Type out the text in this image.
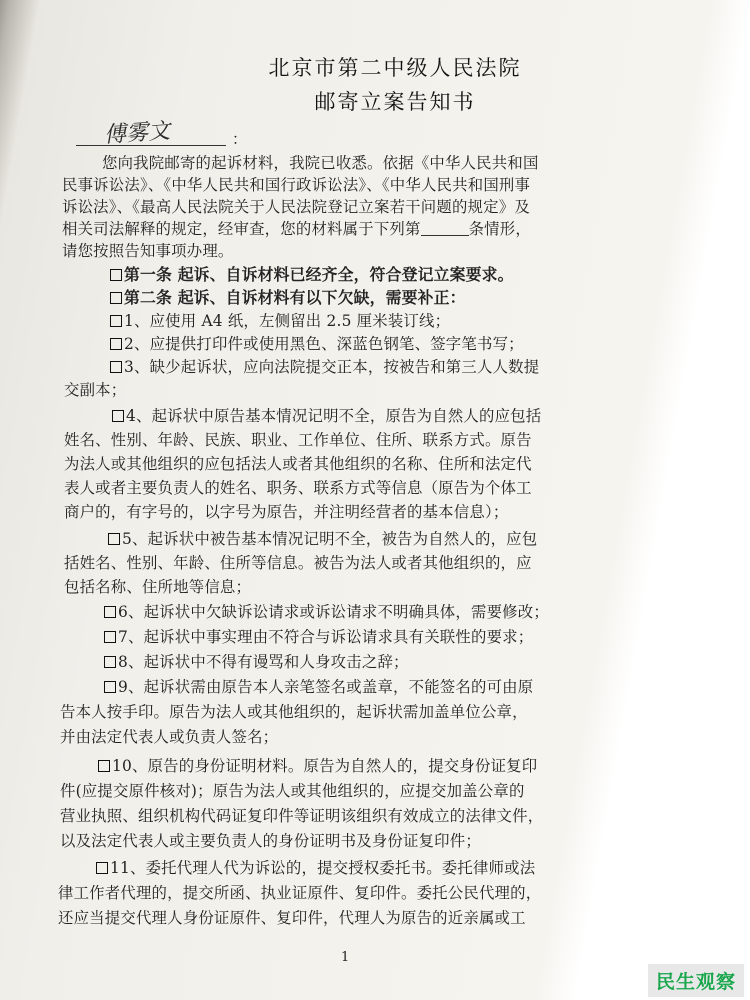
北京市第二中级人民法院
邮寄立案告知书
傅雾文	：
您向我院邮寄的起诉材料，我院已收悉。依据《中华人民共和国
民事诉讼法》、《中华人民共和国行政诉讼法》、《中华人民共和国刑事
诉讼法》、《最高人民法院关于人民法院登记立案若干问题的规定》及
相关司法解释的规定，经审查，您的材料属于下列第	条情形，
请您按照告知事项办理。
第一条 起诉、自诉材料已经齐全，符合登记立案要求。
第二条 起诉、自诉材料有以下欠缺，需要补正：
1、应使用 A4 纸，左侧留出 2.5 厘米装订线；
2、应提供打印件或使用黑色、深蓝色钢笔、签字笔书写；
3、缺少起诉状，应向法院提交正本，按被告和第三人人数提
交副本；
4、起诉状中原告基本情况记明不全，原告为自然人的应包括
姓名、性别、年龄、民族、职业、工作单位、住所、联系方式。原告
为法人或其他组织的应包括法人或者其他组织的名称、住所和法定代
表人或者主要负责人的姓名、职务、联系方式等信息（原告为个体工
商户的，有字号的，以字号为原告，并注明经营者的基本信息）；
5、起诉状中被告基本情况记明不全，被告为自然人的，应包
括姓名、性别、年龄、住所等信息。被告为法人或者其他组织的，应
包括名称、住所地等信息；
6、起诉状中欠缺诉讼请求或诉讼请求不明确具体，需要修改；
7、起诉状中事实理由不符合与诉讼请求具有关联性的要求；
8、起诉状中不得有谩骂和人身攻击之辞；
9、起诉状需由原告本人亲笔签名或盖章，不能签名的可由原
告本人按手印。原告为法人或其他组织的，起诉状需加盖单位公章，
并由法定代表人或负责人签名；
10、原告的身份证明材料。原告为自然人的，提交身份证复印
件(应提交原件核对)；原告为法人或其他组织的，应提交加盖公章的
营业执照、组织机构代码证复印件等证明该组织有效成立的法律文件，
以及法定代表人或主要负责人的身份证明书及身份证复印件；
11、委托代理人代为诉讼的，提交授权委托书。委托律师或法
律工作者代理的，提交所函、执业证原件、复印件。委托公民代理的，
还应当提交代理人身份证原件、复印件，代理人为原告的近亲属或工
1
民生观察
